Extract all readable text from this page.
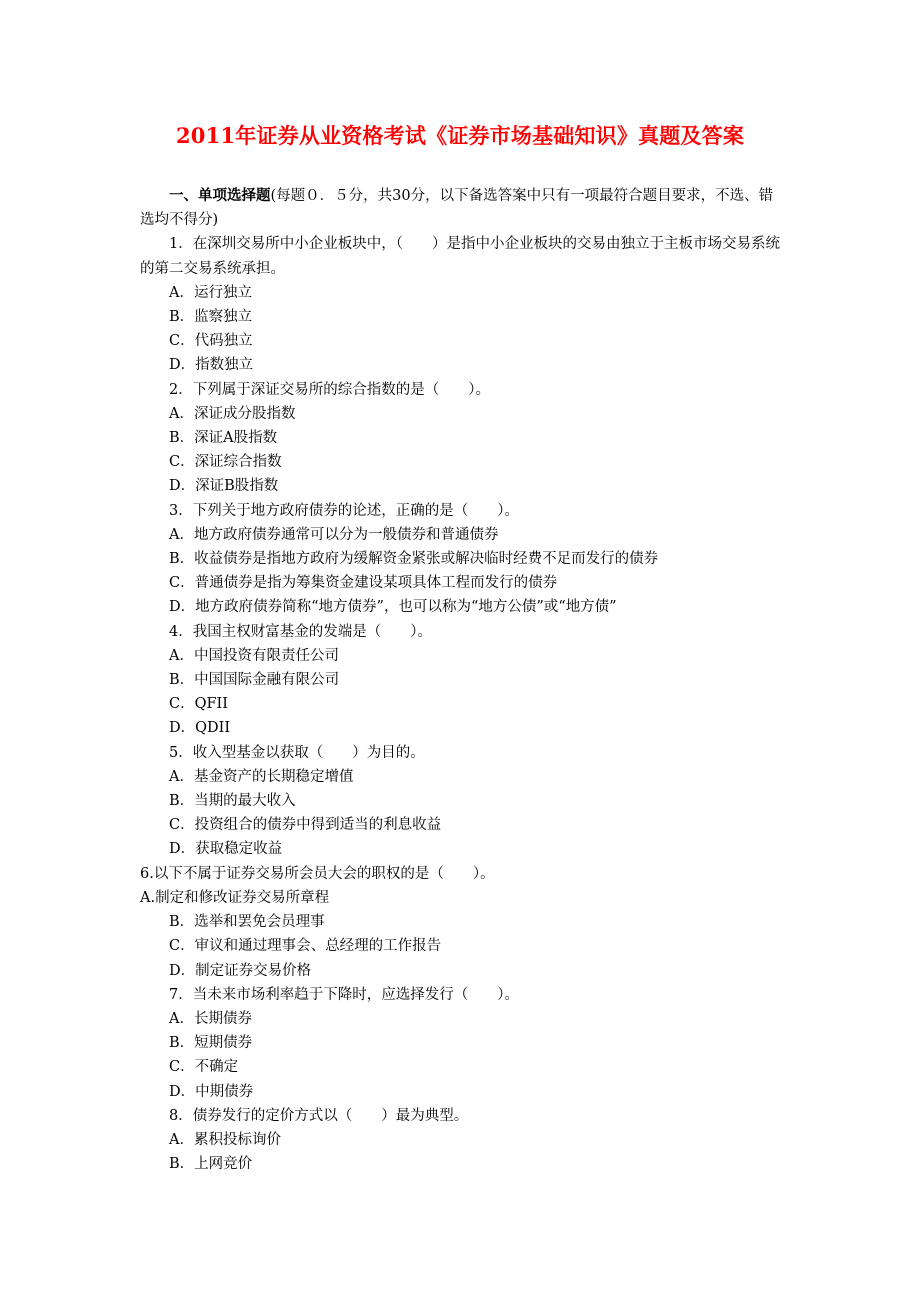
2011年证券从业资格考试《证券市场基础知识》真题及答案

一、单项选择题(每题０．５分，共30分，以下备选答案中只有一项最符合题目要求，不选、错选均不得分)

1．在深圳交易所中小企业板块中，（　　）是指中小企业板块的交易由独立于主板市场交易系统的第二交易系统承担。

A．运行独立

B．监察独立

C．代码独立

D．指数独立

2．下列属于深证交易所的综合指数的是（　　）。

A．深证成分股指数

B．深证A股指数

C．深证综合指数

D．深证B股指数

3．下列关于地方政府债券的论述，正确的是（　　）。

A．地方政府债券通常可以分为一般债券和普通债券

B．收益债券是指地方政府为缓解资金紧张或解决临时经费不足而发行的债券

C．普通债券是指为筹集资金建设某项具体工程而发行的债券

D．地方政府债券简称“地方债券”，也可以称为“地方公债”或“地方债”

4．我国主权财富基金的发端是（　　）。

A．中国投资有限责任公司

B．中国国际金融有限公司

C．QFII

D．QDII

5．收入型基金以获取（　　）为目的。

A．基金资产的长期稳定增值

B．当期的最大收入

C．投资组合的债券中得到适当的利息收益

D．获取稳定收益

6.以下不属于证券交易所会员大会的职权的是（　　）。

A.制定和修改证券交易所章程

B．选举和罢免会员理事

C．审议和通过理事会、总经理的工作报告

D．制定证券交易价格

7．当未来市场利率趋于下降时，应选择发行（　　）。

A．长期债券

B．短期债券

C．不确定

D．中期债券

8．债券发行的定价方式以（　　）最为典型。

A．累积投标询价

B．上网竞价
